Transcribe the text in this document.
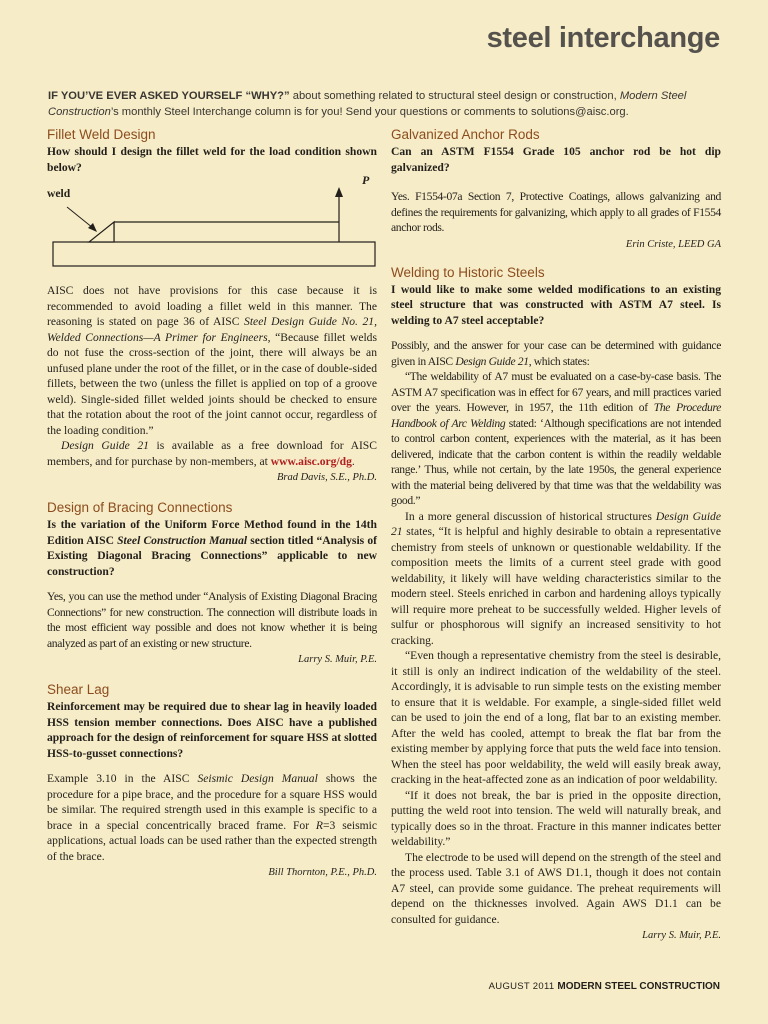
steel interchange

IF YOU’VE EVER ASKED YOURSELF “WHY?” about something related to structural steel design or construction, Modern Steel Construction’s monthly Steel Interchange column is for you! Send your questions or comments to solutions@aisc.org.

Fillet Weld Design

How should I design the fillet weld for the load condition shown below?

weld
P

AISC does not have provisions for this case because it is recommended to avoid loading a fillet weld in this manner. The reasoning is stated on page 36 of AISC Steel Design Guide No. 21, Welded Connections—A Primer for Engineers, “Because fillet welds do not fuse the cross-section of the joint, there will always be an unfused plane under the root of the fillet, or in the case of double-sided fillets, between the two (unless the fillet is applied on top of a groove weld). Single-sided fillet welded joints should be checked to ensure that the rotation about the root of the joint cannot occur, regardless of the loading condition.”

Design Guide 21 is available as a free download for AISC members, and for purchase by non-members, at www.aisc.org/dg.

Brad Davis, S.E., Ph.D.

Design of Bracing Connections

Is the variation of the Uniform Force Method found in the 14th Edition AISC Steel Construction Manual section titled “Analysis of Existing Diagonal Bracing Connections” applicable to new construction?

Yes, you can use the method under “Analysis of Existing Diagonal Bracing Connections” for new construction. The connection will distribute loads in the most efficient way possible and does not know whether it is being analyzed as part of an existing or new structure.

Larry S. Muir, P.E.

Shear Lag

Reinforcement may be required due to shear lag in heavily loaded HSS tension member connections. Does AISC have a published approach for the design of reinforcement for square HSS at slotted HSS-to-gusset connections?

Example 3.10 in the AISC Seismic Design Manual shows the procedure for a pipe brace, and the procedure for a square HSS would be similar. The required strength used in this example is specific to a brace in a special concentrically braced frame. For R=3 seismic applications, actual loads can be used rather than the expected strength of the brace.

Bill Thornton, P.E., Ph.D.

Galvanized Anchor Rods

Can an ASTM F1554 Grade 105 anchor rod be hot dip galvanized?

Yes. F1554-07a Section 7, Protective Coatings, allows galvanizing and defines the requirements for galvanizing, which apply to all grades of F1554 anchor rods.

Erin Criste, LEED GA

Welding to Historic Steels

I would like to make some welded modifications to an existing steel structure that was constructed with ASTM A7 steel. Is welding to A7 steel acceptable?

Possibly, and the answer for your case can be determined with guidance given in AISC Design Guide 21, which states:

“The weldability of A7 must be evaluated on a case-by-case basis. The ASTM A7 specification was in effect for 67 years, and mill practices varied over the years. However, in 1957, the 11th edition of The Procedure Handbook of Arc Welding stated: ‘Although specifications are not intended to control carbon content, experiences with the material, as it has been delivered, indicate that the carbon content is within the readily weldable range.’ Thus, while not certain, by the late 1950s, the general experience with the material being delivered by that time was that the weldability was good.”

In a more general discussion of historical structures Design Guide 21 states, “It is helpful and highly desirable to obtain a representative chemistry from steels of unknown or questionable weldability. If the composition meets the limits of a current steel grade with good weldability, it likely will have welding characteristics similar to the modern steel. Steels enriched in carbon and hardening alloys typically will require more preheat to be successfully welded. Higher levels of sulfur or phosphorous will signify an increased sensitivity to hot cracking.

“Even though a representative chemistry from the steel is desirable, it still is only an indirect indication of the weldability of the steel. Accordingly, it is advisable to run simple tests on the existing member to ensure that it is weldable. For example, a single-sided fillet weld can be used to join the end of a long, flat bar to an existing member. After the weld has cooled, attempt to break the flat bar from the existing member by applying force that puts the weld face into tension. When the steel has poor weldability, the weld will easily break away, cracking in the heat-affected zone as an indication of poor weldability.

“If it does not break, the bar is pried in the opposite direction, putting the weld root into tension. The weld will naturally break, and typically does so in the throat. Fracture in this manner indicates better weldability.”

The electrode to be used will depend on the strength of the steel and the process used. Table 3.1 of AWS D1.1, though it does not contain A7 steel, can provide some guidance. The preheat requirements will depend on the thicknesses involved. Again AWS D1.1 can be consulted for guidance.

Larry S. Muir, P.E.

AUGUST 2011 MODERN STEEL CONSTRUCTION
